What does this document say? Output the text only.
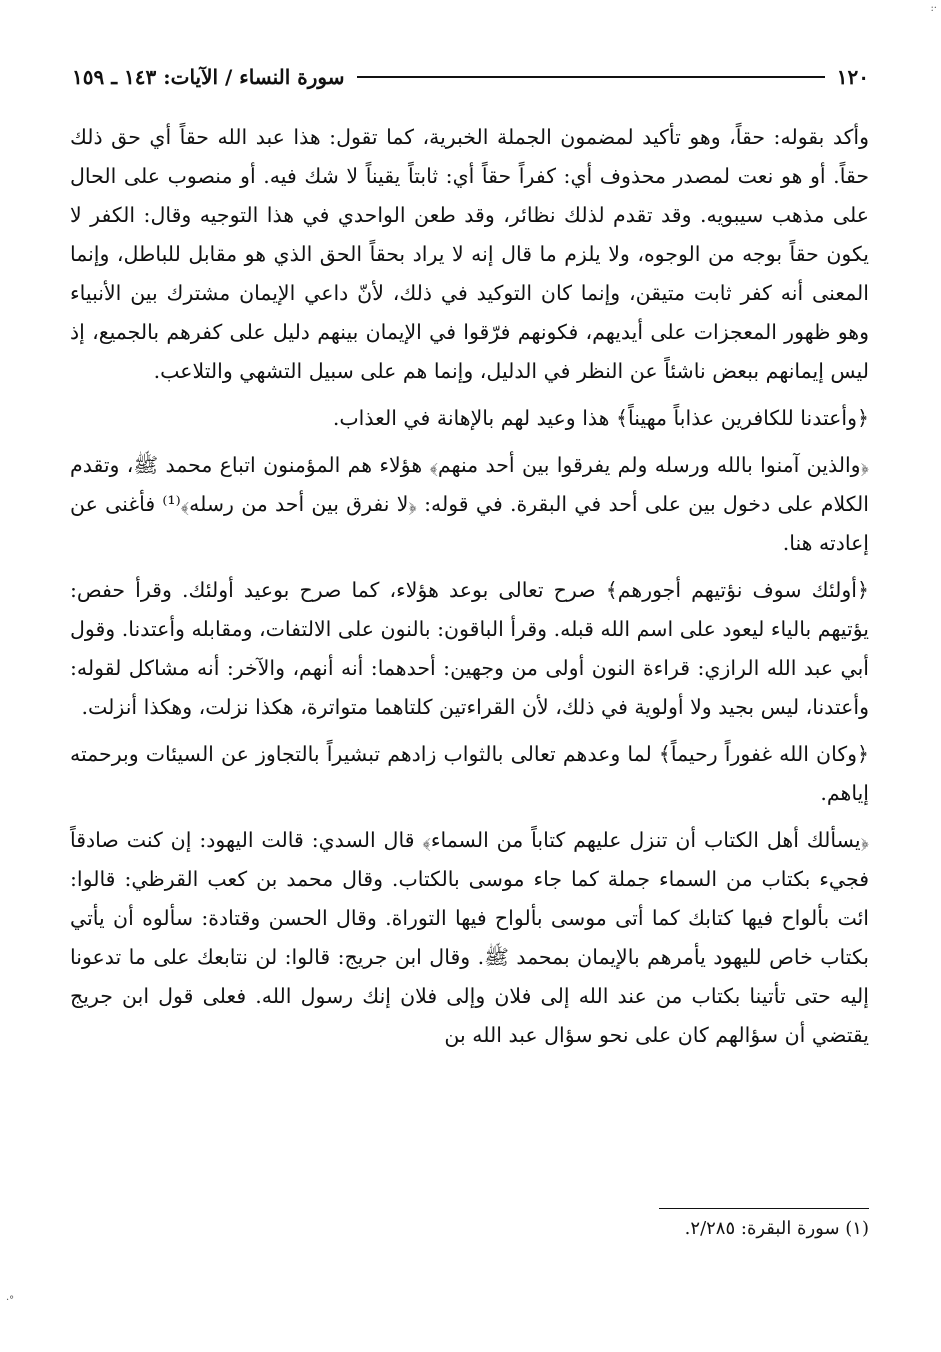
·:
١٢٠
سورة النساء / الآيات: ١٤٣ ـ ١٥٩

وأكد بقوله: حقاً، وهو تأكيد لمضمون الجملة الخبرية، كما تقول: هذا عبد الله حقاً أي حق ذلك حقاً. أو هو نعت لمصدر محذوف أي: كفراً حقاً أي: ثابتاً يقيناً لا شك فيه. أو منصوب على الحال على مذهب سيبويه. وقد تقدم لذلك نظائر، وقد طعن الواحدي في هذا التوجيه وقال: الكفر لا يكون حقاً بوجه من الوجوه، ولا يلزم ما قال إنه لا يراد بحقاً الحق الذي هو مقابل للباطل، وإنما المعنى أنه كفر ثابت متيقن، وإنما كان التوكيد في ذلك، لأنّ داعي الإيمان مشترك بين الأنبياء وهو ظهور المعجزات على أيديهم، فكونهم فرّقوا في الإيمان بينهم دليل على كفرهم بالجميع، إذ ليس إيمانهم ببعض ناشئاً عن النظر في الدليل، وإنما هم على سبيل التشهي والتلاعب.

﴿وأعتدنا للكافرين عذاباً مهيناً﴾ هذا وعيد لهم بالإهانة في العذاب.

﴿والذين آمنوا بالله ورسله ولم يفرقوا بين أحد منهم﴾ هؤلاء هم المؤمنون اتباع محمد ﷺ، وتقدم الكلام على دخول بين على أحد في البقرة. في قوله: ﴿لا نفرق بين أحد من رسله﴾⁽¹⁾ فأغنى عن إعادته هنا.

﴿أولئك سوف نؤتيهم أجورهم﴾ صرح تعالى بوعد هؤلاء، كما صرح بوعيد أولئك. وقرأ حفص: يؤتيهم بالياء ليعود على اسم الله قبله. وقرأ الباقون: بالنون على الالتفات، ومقابله وأعتدنا. وقول أبي عبد الله الرازي: قراءة النون أولى من وجهين: أحدهما: أنه أنهم، والآخر: أنه مشاكل لقوله: وأعتدنا، ليس بجيد ولا أولوية في ذلك، لأن القراءتين كلتاهما متواترة، هكذا نزلت، وهكذا أنزلت.

﴿وكان الله غفوراً رحيماً﴾ لما وعدهم تعالى بالثواب زادهم تبشيراً بالتجاوز عن السيئات وبرحمته إياهم.

﴿يسألك أهل الكتاب أن تنزل عليهم كتاباً من السماء﴾ قال السدي: قالت اليهود: إن كنت صادقاً فجيء بكتاب من السماء جملة كما جاء موسى بالكتاب. وقال محمد بن كعب القرظي: قالوا: ائت بألواح فيها كتابك كما أتى موسى بألواح فيها التوراة. وقال الحسن وقتادة: سألوه أن يأتي بكتاب خاص لليهود يأمرهم بالإيمان بمحمد ﷺ. وقال ابن جريج: قالوا: لن نتابعك على ما تدعونا إليه حتى تأتينا بكتاب من عند الله إلى فلان وإلى فلان إنك رسول الله. فعلى قول ابن جريج يقتضي أن سؤالهم كان على نحو سؤال عبد الله بن

(١) سورة البقرة: ٢/٢٨٥.
°·
